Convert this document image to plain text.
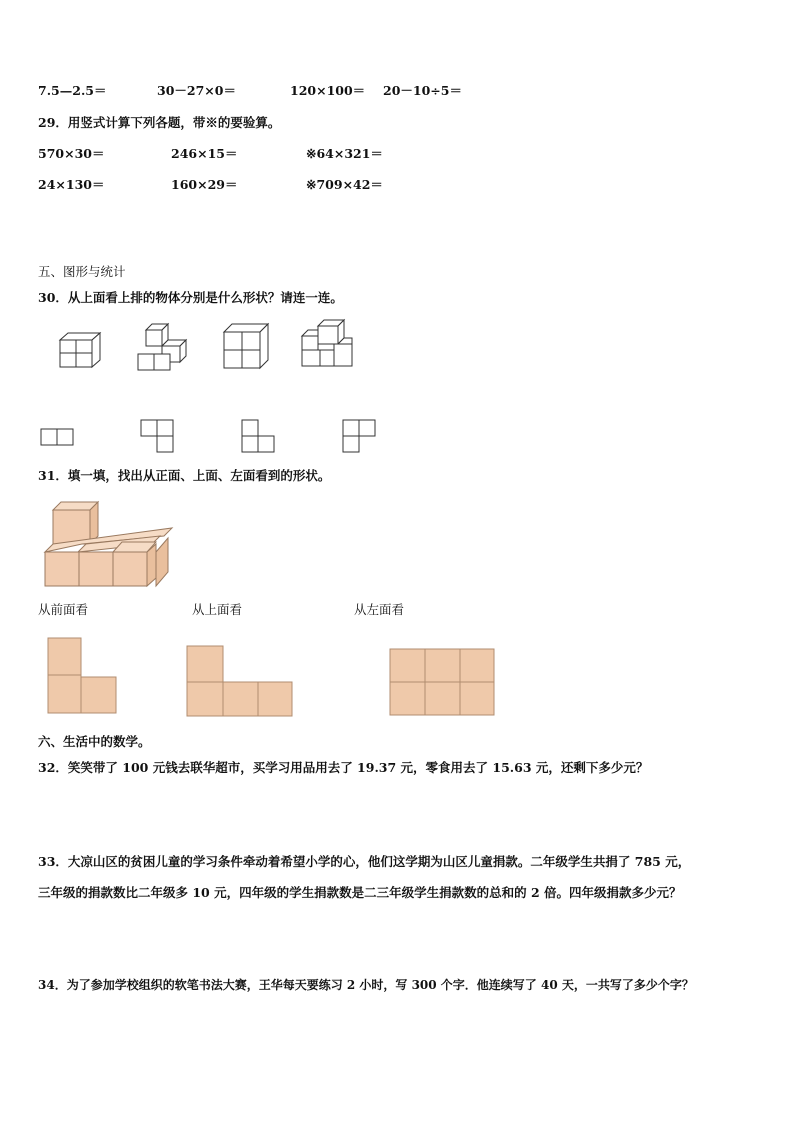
7.5—2.5＝	30－27×0＝	120×100＝ 20－10÷5＝
29．用竖式计算下列各题，带※的要验算。
570×30＝	246×15＝	※64×321＝
24×130＝	160×29＝	※709×42＝
五、图形与统计
30．从上面看上排的物体分别是什么形状？请连一连。
31．填一填，找出从正面、上面、左面看到的形状。
从前面看	从上面看	从左面看
六、生活中的数学。
32．笑笑带了 100 元钱去联华超市，买学习用品用去了 19.37 元，零食用去了 15.63 元，还剩下多少元？
33．大凉山区的贫困儿童的学习条件牵动着希望小学的心，他们这学期为山区儿童捐款。二年级学生共捐了 785 元，
三年级的捐款数比二年级多 10 元，四年级的学生捐款数是二三年级学生捐款数的总和的 2 倍。四年级捐款多少元？
34．为了参加学校组织的软笔书法大赛，王华每天要练习 2 小时，写 300 个字．他连续写了 40 天，一共写了多少个字？
